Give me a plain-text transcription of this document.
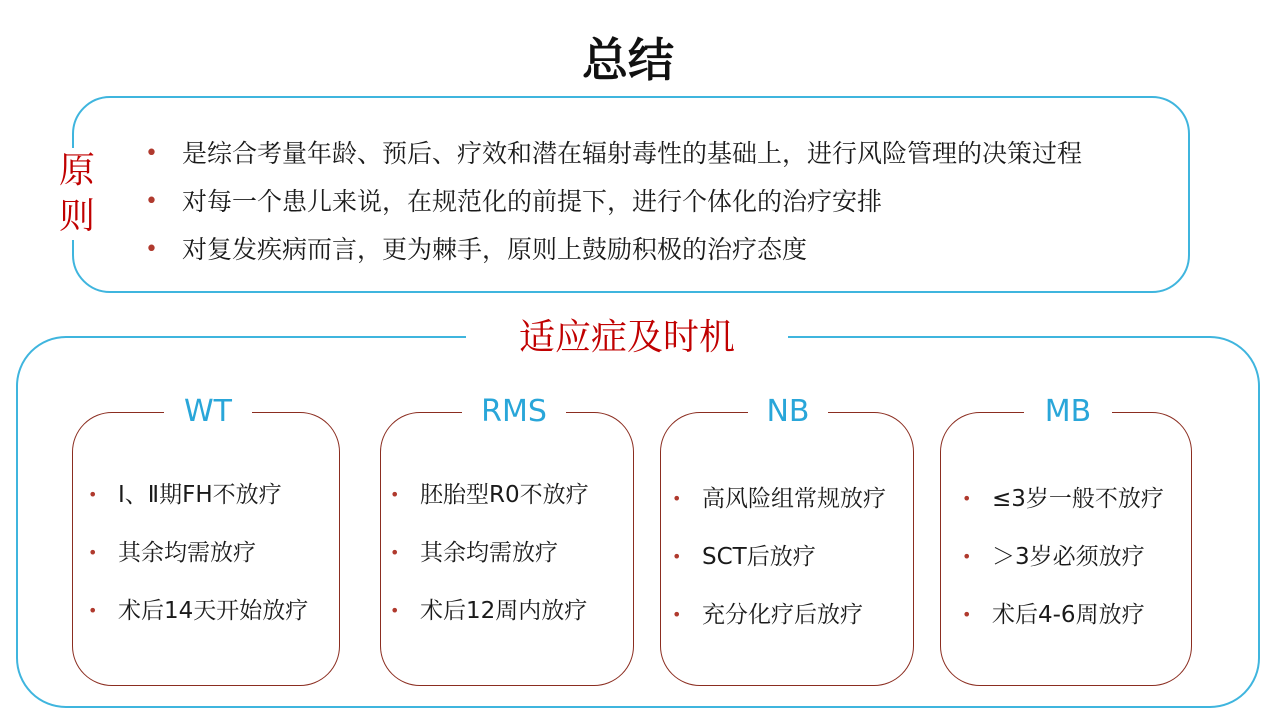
总结
原
则
• 是综合考量年龄、预后、疗效和潜在辐射毒性的基础上，进行风险管理的决策过程
• 对每一个患儿来说，在规范化的前提下，进行个体化的治疗安排
• 对复发疾病而言，更为棘手，原则上鼓励积极的治疗态度
适应症及时机
WT
• Ⅰ、Ⅱ期FH不放疗
• 其余均需放疗
• 术后14天开始放疗
RMS
• 胚胎型R0不放疗
• 其余均需放疗
• 术后12周内放疗
NB
• 高风险组常规放疗
• SCT后放疗
• 充分化疗后放疗
MB
• ≤3岁一般不放疗
• ＞3岁必须放疗
• 术后4-6周放疗
